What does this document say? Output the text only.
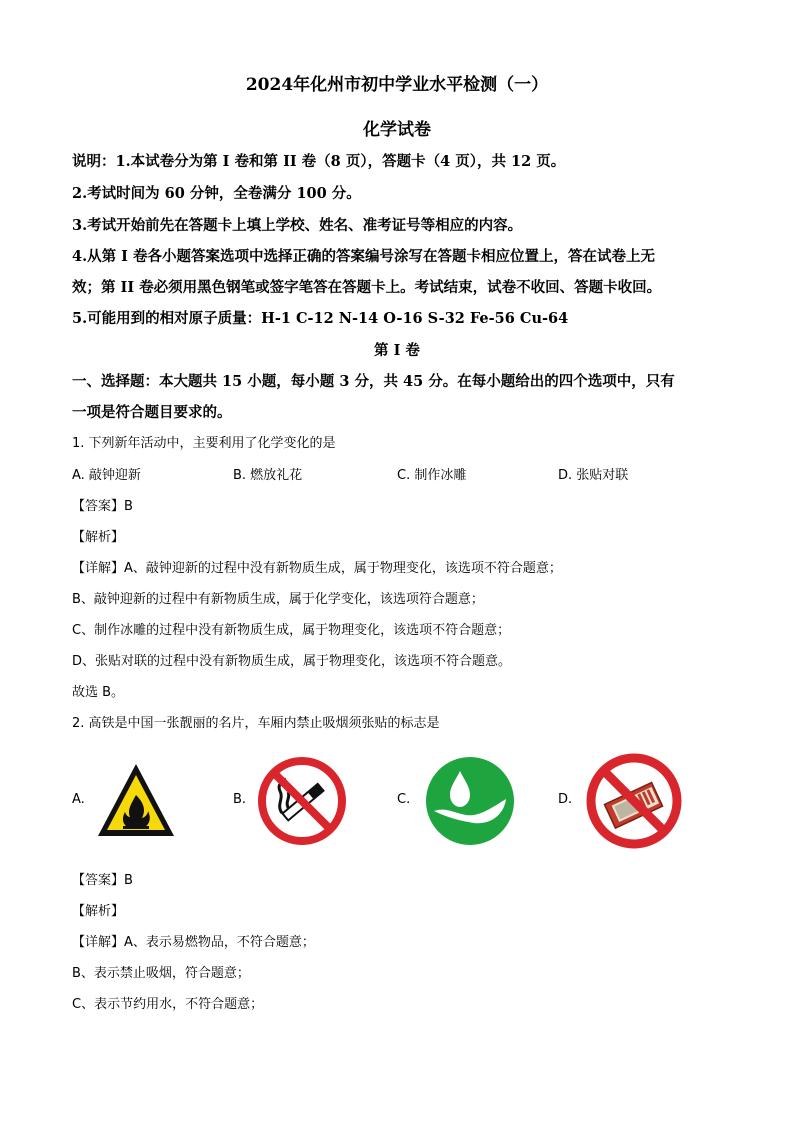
2024年化州市初中学业水平检测（一）
化学试卷
说明：1.本试卷分为第 I 卷和第 II 卷（8 页），答题卡（4 页），共 12 页。
2.考试时间为 60 分钟，全卷满分 100 分。
3.考试开始前先在答题卡上填上学校、姓名、准考证号等相应的内容。
4.从第 I 卷各小题答案选项中选择正确的答案编号涂写在答题卡相应位置上，答在试卷上无
效；第 II 卷必须用黑色钢笔或签字笔答在答题卡上。考试结束，试卷不收回、答题卡收回。
5.可能用到的相对原子质量：H-1 C-12 N-14 O-16 S-32 Fe-56 Cu-64
第 I 卷
一、选择题：本大题共 15 小题，每小题 3 分，共 45 分。在每小题给出的四个选项中，只有
一项是符合题目要求的。
1. 下列新年活动中，主要利用了化学变化的是
A. 敲钟迎新	B. 燃放礼花	C. 制作冰雕	D. 张贴对联
【答案】B
【解析】
【详解】A、敲钟迎新的过程中没有新物质生成，属于物理变化，该选项不符合题意；
B、敲钟迎新的过程中有新物质生成，属于化学变化，该选项符合题意；
C、制作冰雕的过程中没有新物质生成，属于物理变化，该选项不符合题意；
D、张贴对联的过程中没有新物质生成，属于物理变化，该选项不符合题意。
故选 B。
2. 高铁是中国一张靓丽的名片，车厢内禁止吸烟须张贴的标志是
A.	B.	C.	D.
【答案】B
【解析】
【详解】A、表示易燃物品，不符合题意；
B、表示禁止吸烟，符合题意；
C、表示节约用水，不符合题意；
